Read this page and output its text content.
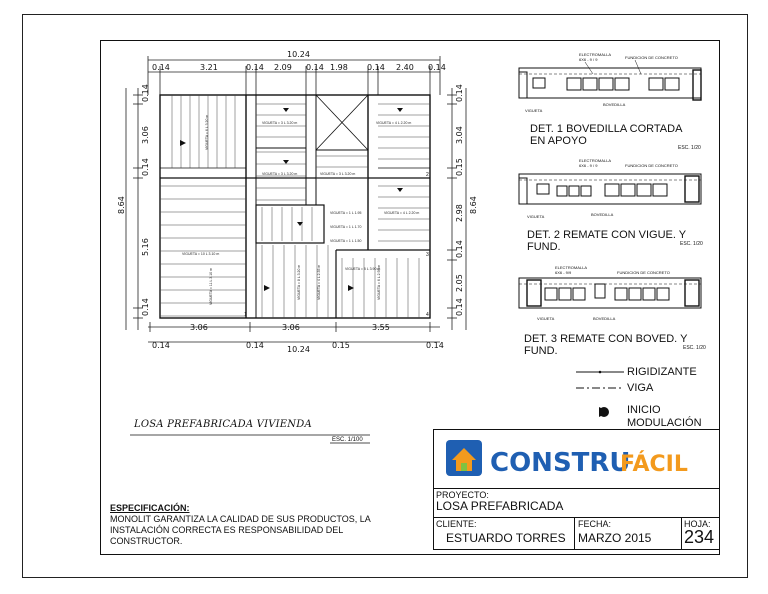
VIGUETA = 3 L 3.20 m
VIGUETA = 3 L 3.20 m	VIGUETA = 3 L 3.20 m
VIGUETA = 4 L 2.20 m
VIGUETA = 4 L 2.20 m
VIGUETA = 10 L 3.10 m
VIGUETA = 6 L 3.20 m
VIGUETA = 1 L 1.95
VIGUETA = 1 L 1.70
VIGUETA = 1 L 1.50
VIGUETA = 5 L 3.90 m
VIGUETA = 8 L 3.20 m	VIGUETA = 4 L 2.35 m	VIGUETA = 6 L 2.98 m
VIGUETA = 11 L 3.10 m
1
2
3
4
10.24
0.14	3.21	0.14 2.09 0.14 1.98 0.14 2.40 0.14
3.06	3.06	3.55
0.14	0.14	0.15	0.14
10.24
0.14
3.06
0.14
5.16
0.14
8.64
0.14
3.04
0.15
2.98
0.14
2.05
0.14
8.64
ELECTROMALLA
6X6 - 9 / 9	FUNDICION DE CONCRETO
VIGUETA
BOVEDILLA
ELECTROMALLA
6X6 - 9 / 9	FUNDICION DE CONCRETO
VIGUETA	BOVEDILLA
ELECTROMALLA
6X6 - 9/9	FUNDICION DE CONCRETO
VIGUETA	BOVEDILLA
DET. 1 BOVEDILLA CORTADA
EN APOYO
ESC. 1/20
DET. 2 REMATE CON VIGUE. Y
FUND.	ESC. 1/20
DET. 3 REMATE CON BOVED. Y
FUND.	ESC. 1/20
RIGIDIZANTE
VIGA
INICIO
MODULACIÓN
LOSA PREFABRICADA VIVIENDA
ESC. 1/100
CONSTRU
FÁCIL
PROYECTO:
LOSA PREFABRICADA
CLIENTE:
ESTUARDO TORRES
FECHA:
MARZO 2015
HOJA:
234
ESPECIFICACIÓN:
MONOLIT GARANTIZA LA CALIDAD DE SUS PRODUCTOS, LA
INSTALACIÓN CORRECTA ES RESPONSABILIDAD DEL
CONSTRUCTOR.
